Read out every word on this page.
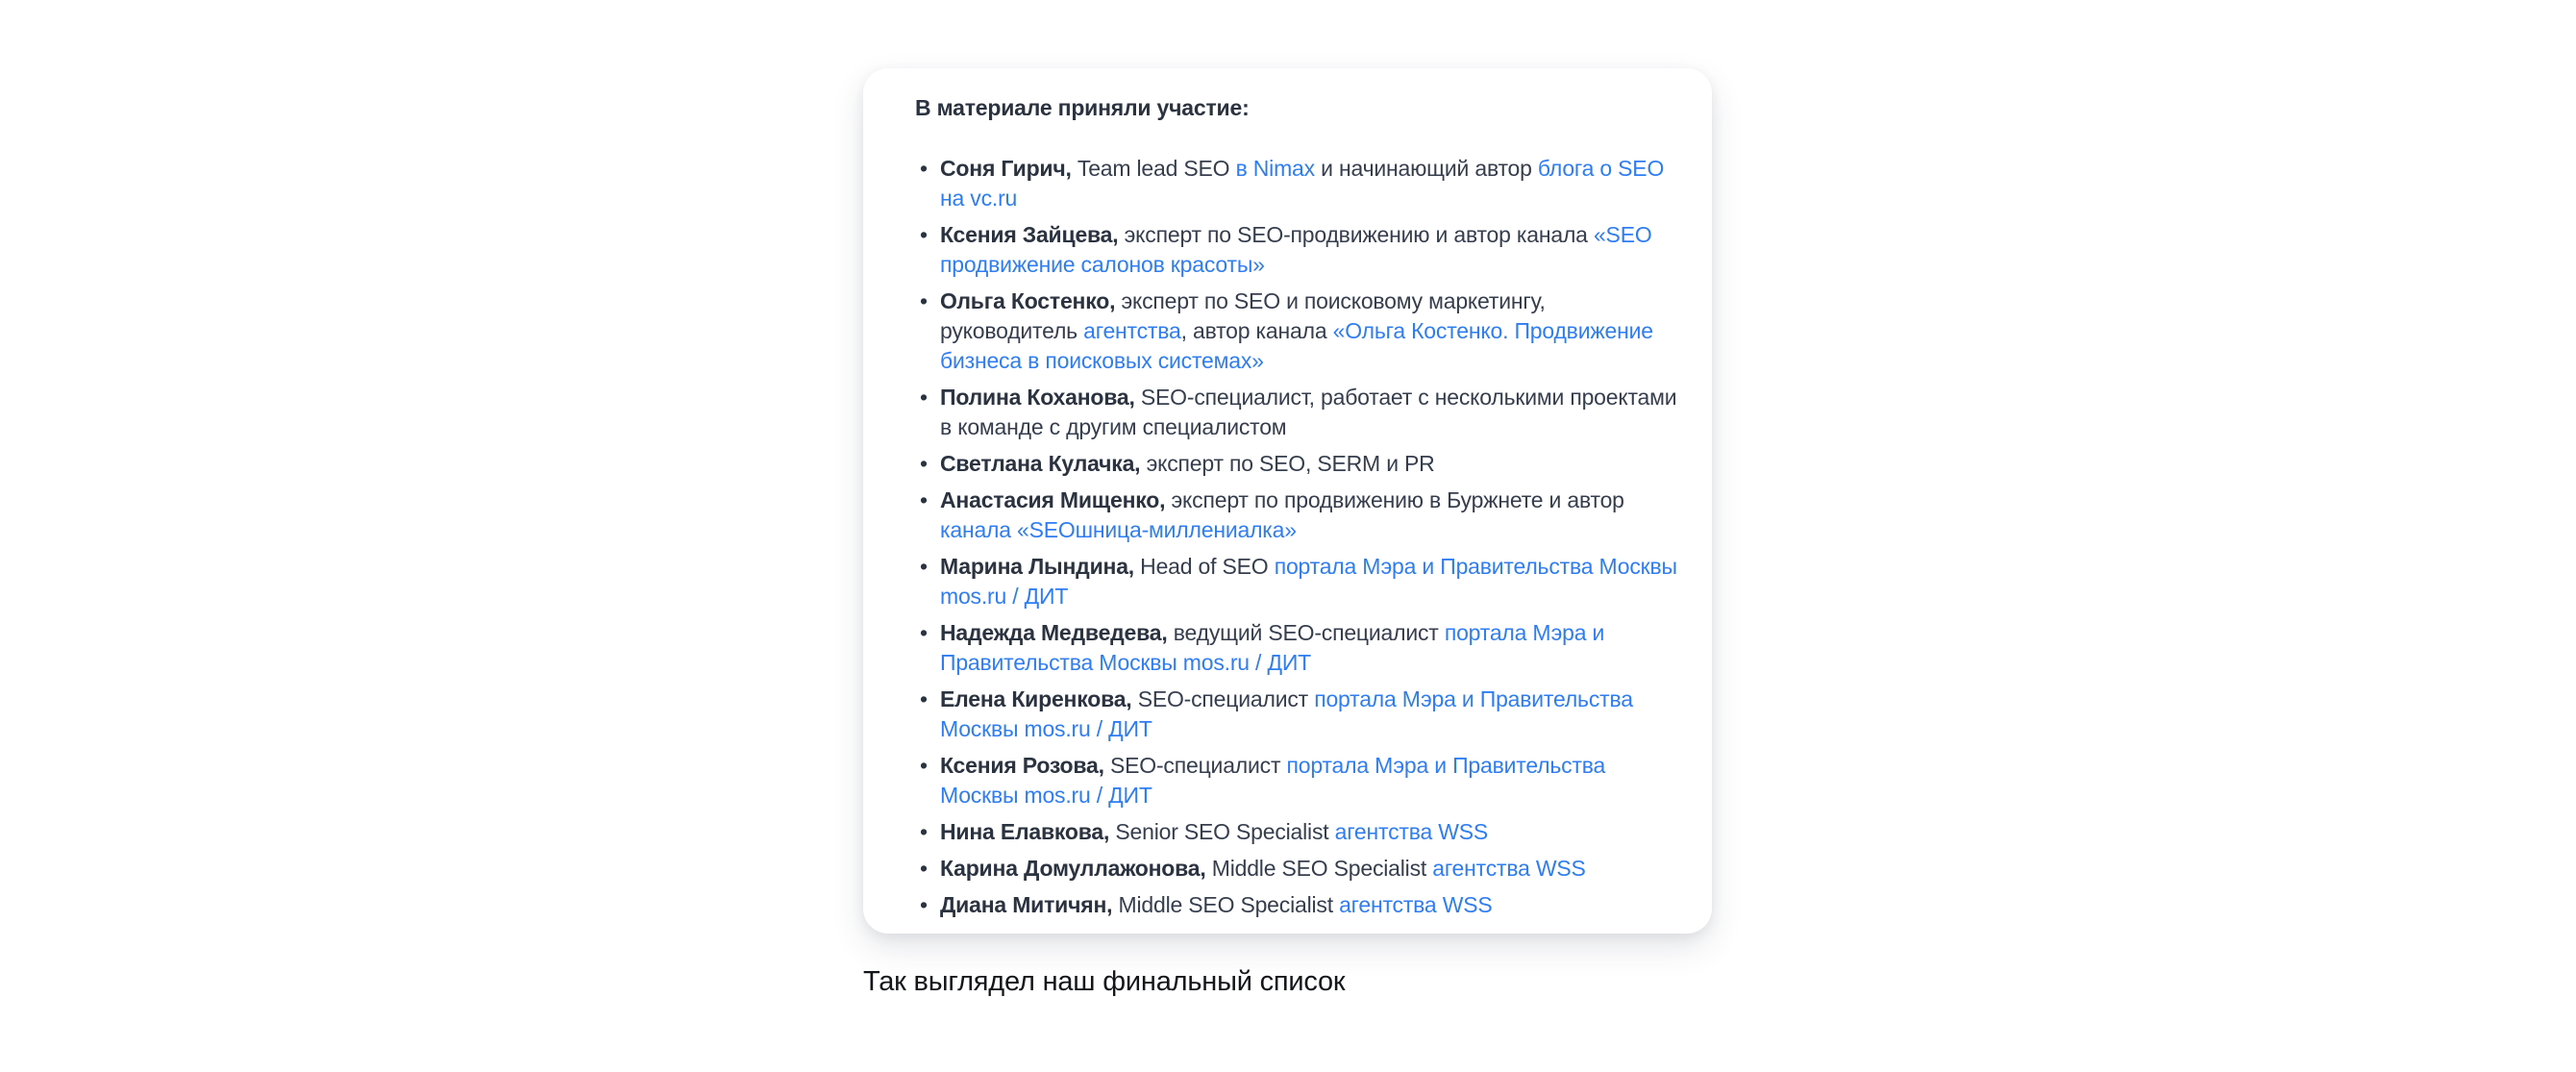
В материале приняли участие:

• Соня Гирич, Team lead SEO в Nimax и начинающий автор блога о SEO на vc.ru
• Ксения Зайцева, эксперт по SEO-продвижению и автор канала «SEO продвижение салонов красоты»
• Ольга Костенко, эксперт по SEO и поисковому маркетингу, руководитель агентства, автор канала «Ольга Костенко. Продвижение бизнеса в поисковых системах»
• Полина Коханова, SEO-специалист, работает с несколькими проектами в команде с другим специалистом
• Светлана Кулачка, эксперт по SEO, SERM и PR
• Анастасия Мищенко, эксперт по продвижению в Буржнете и автор канала «SEOшница-миллениалка»
• Марина Лындина, Head of SEO портала Мэра и Правительства Москвы mos.ru / ДИТ
• Надежда Медведева, ведущий SEO-специалист портала Мэра и Правительства Москвы mos.ru / ДИТ
• Елена Киренкова, SEO-специалист портала Мэра и Правительства Москвы mos.ru / ДИТ
• Ксения Розова, SEO-специалист портала Мэра и Правительства Москвы mos.ru / ДИТ
• Нина Елавкова, Senior SEO Specialist агентства WSS
• Карина Домуллажонова, Middle SEO Specialist агентства WSS
• Диана Митичян, Middle SEO Specialist агентства WSS

Так выглядел наш финальный список
